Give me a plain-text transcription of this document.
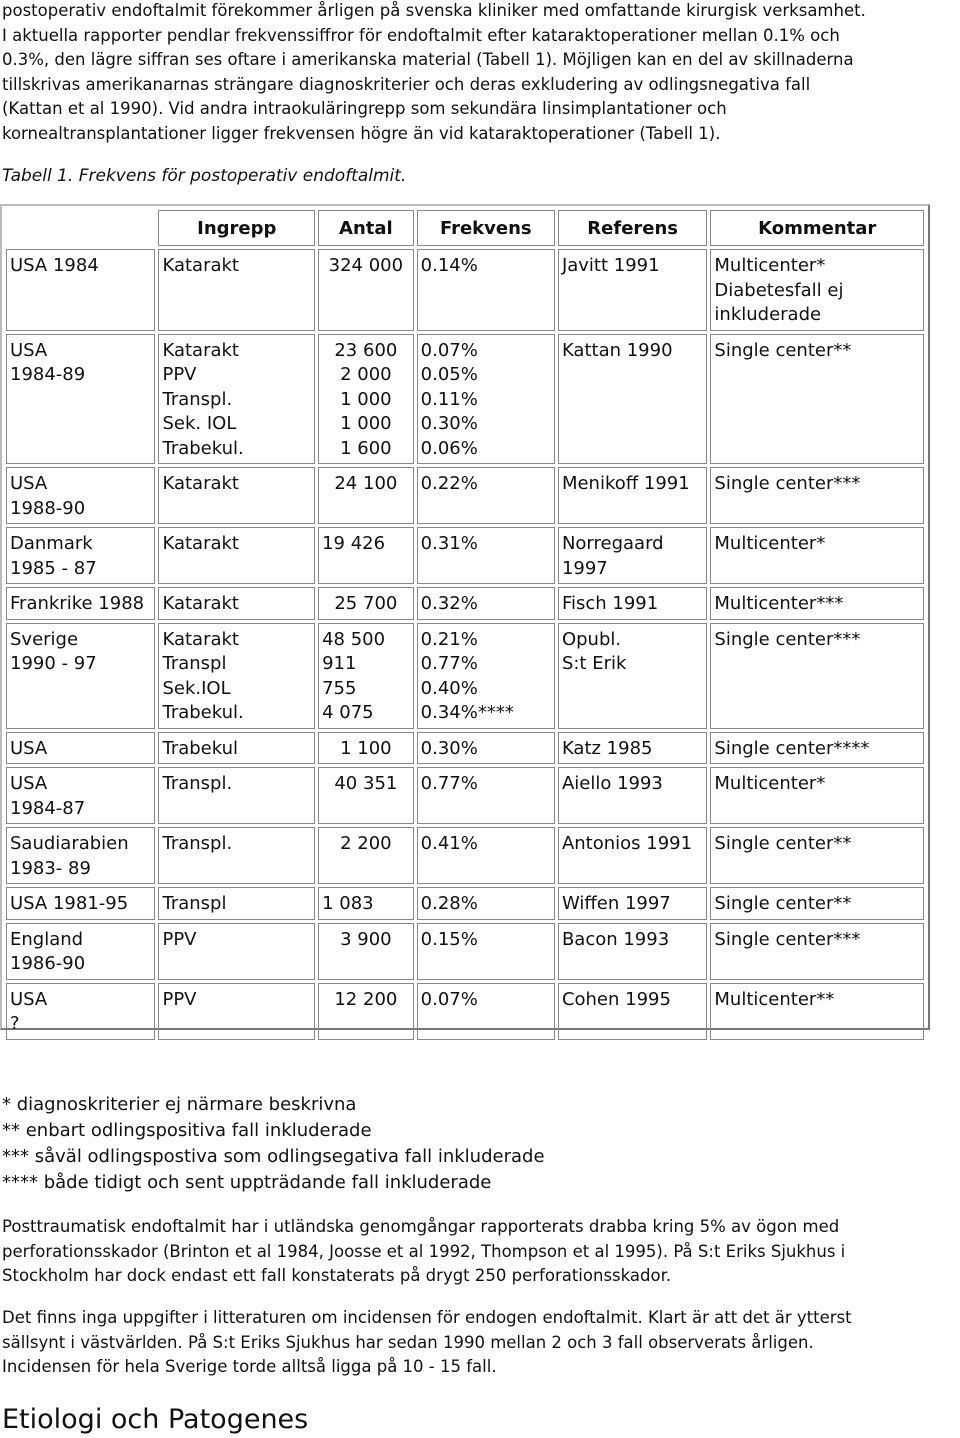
postoperativ endoftalmit förekommer årligen på svenska kliniker med omfattande kirurgisk verksamhet.
I aktuella rapporter pendlar frekvenssiffror för endoftalmit efter kataraktoperationer mellan 0.1% och
0.3%, den lägre siffran ses oftare i amerikanska material (Tabell 1). Möjligen kan en del av skillnaderna
tillskrivas amerikanarnas strängare diagnoskriterier och deras exkludering av odlingsnegativa fall
(Kattan et al 1990). Vid andra intraokuläringrepp som sekundära linsimplantationer och
kornealtransplantationer ligger frekvensen högre än vid kataraktoperationer (Tabell 1).

Tabell 1. Frekvens för postoperativ endoftalmit.

	Ingrepp	Antal	Frekvens	Referens	Kommentar

USA 1984	Katarakt	324 000	0.14%	Javitt 1991	Multicenter*
Diabetesfall ej
inkluderade

USA
1984-89	Katarakt
PPV
Transpl.
Sek. IOL
Trabekul.	23 600
2 000
1 000
1 000
1 600	0.07%
0.05%
0.11%
0.30%
0.06%	Kattan 1990	Single center**

USA
1988-90	Katarakt	24 100	0.22%	Menikoff 1991	Single center***

Danmark
1985 - 87	Katarakt	19 426	0.31%	Norregaard
1997	Multicenter*

Frankrike 1988	Katarakt	25 700	0.32%	Fisch 1991	Multicenter***

Sverige
1990 - 97	Katarakt
Transpl
Sek.IOL
Trabekul.	48 500
911
755
4 075	0.21%
0.77%
0.40%
0.34%****	Opubl.
S:t Erik	Single center***

USA	Trabekul	1 100	0.30%	Katz 1985	Single center****

USA
1984-87	Transpl.	40 351	0.77%	Aiello 1993	Multicenter*

Saudiarabien
1983- 89	Transpl.	2 200	0.41%	Antonios 1991	Single center**

USA 1981-95	Transpl	1 083	0.28%	Wiffen 1997	Single center**

England
1986-90	PPV	3 900	0.15%	Bacon 1993	Single center***

USA
?	PPV	12 200	0.07%	Cohen 1995	Multicenter**

* diagnoskriterier ej närmare beskrivna
** enbart odlingspositiva fall inkluderade
*** såväl odlingspostiva som odlingsegativa fall inkluderade
**** både tidigt och sent uppträdande fall inkluderade

Posttraumatisk endoftalmit har i utländska genomgångar rapporterats drabba kring 5% av ögon med
perforationsskador (Brinton et al 1984, Joosse et al 1992, Thompson et al 1995). På S:t Eriks Sjukhus i
Stockholm har dock endast ett fall konstaterats på drygt 250 perforationsskador.

Det finns inga uppgifter i litteraturen om incidensen för endogen endoftalmit. Klart är att det är ytterst
sällsynt i västvärlden. På S:t Eriks Sjukhus har sedan 1990 mellan 2 och 3 fall observerats årligen.
Incidensen för hela Sverige torde alltså ligga på 10 - 15 fall.

Etiologi och Patogenes
